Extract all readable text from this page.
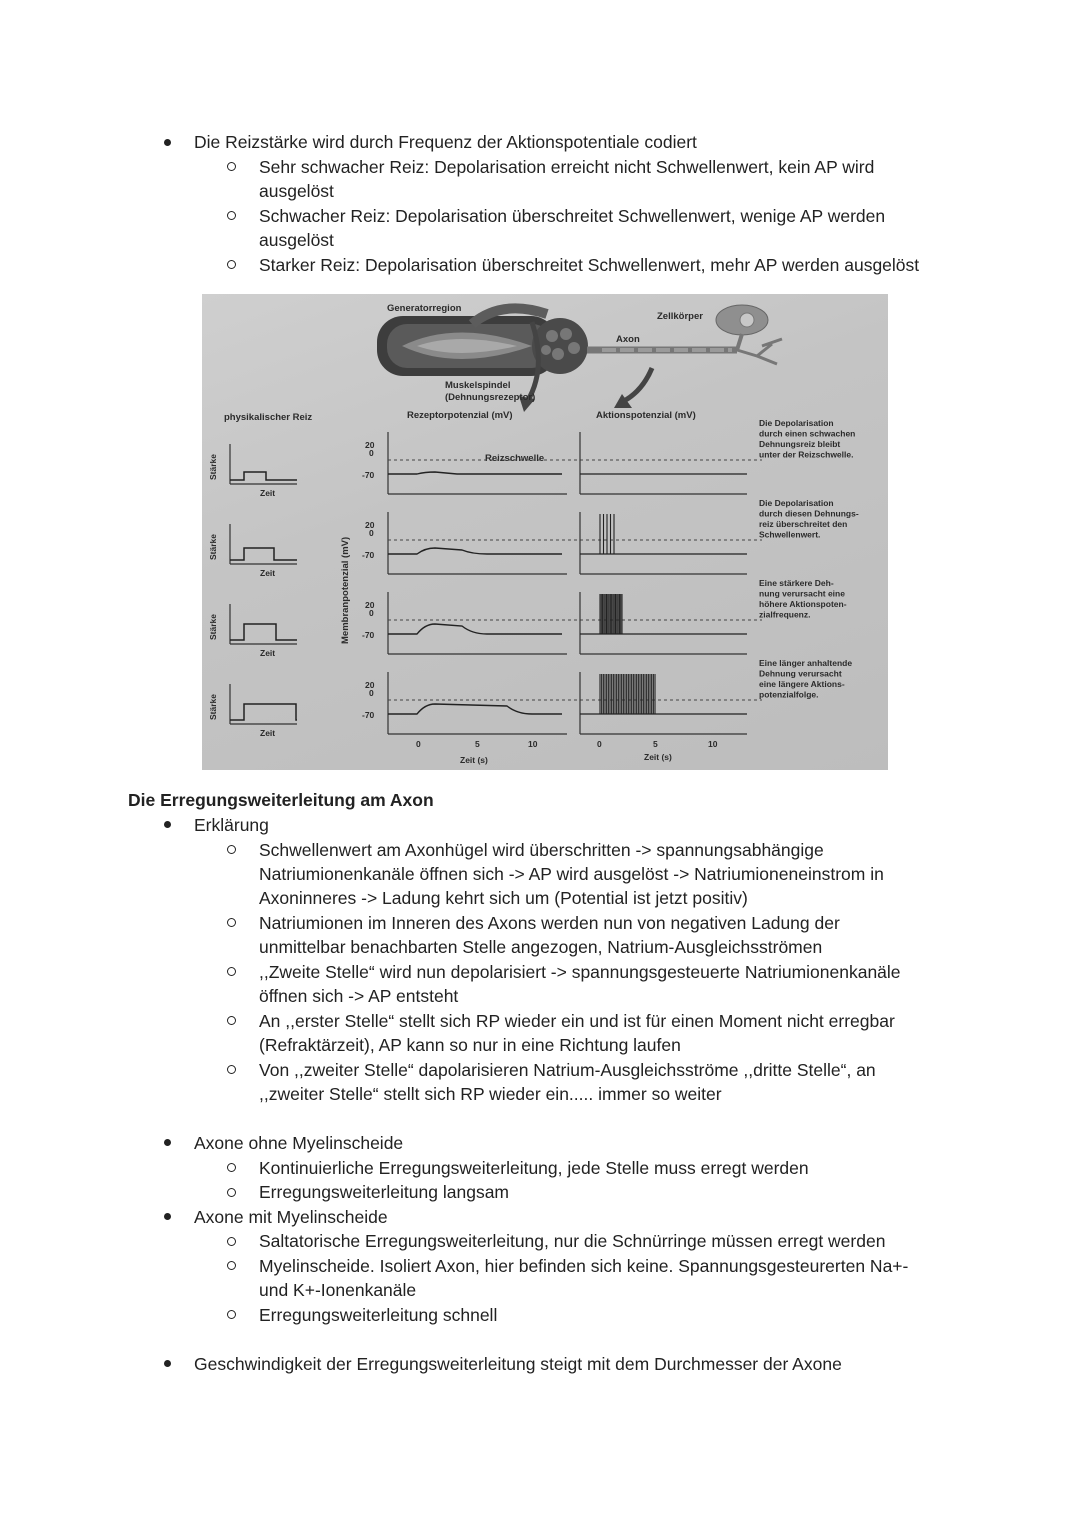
Die Reizstärke wird durch Frequenz der Aktionspotentiale codiert
Sehr schwacher Reiz: Depolarisation erreicht nicht Schwellenwert, kein AP wird
ausgelöst
Schwacher Reiz: Depolarisation überschreitet Schwellenwert, wenige AP werden
ausgelöst
Starker Reiz: Depolarisation überschreitet Schwellenwert, mehr AP werden ausgelöst
Generatorregion
Zellkörper
Axon
Muskelspindel
(Dehnungsrezeptor)
physikalischer Reiz	Rezeptorpotenzial (mV)	Aktionspotenzial (mV)
Reizschwelle
Membranpotenzial (mV)
Stärke
Zeit
20
0
-70
Die Depolarisation
durch einen schwachen
Dehnungsreiz bleibt
unter der Reizschwelle.
Stärke
Zeit
20
0
-70
Die Depolarisation
durch diesen Dehnungs-
reiz überschreitet den
Schwellenwert.
Stärke
Zeit
20
0
-70
Eine stärkere Deh-
nung verursacht eine
höhere Aktionspoten-
zialfrequenz.
Stärke
Zeit
20
0
-70
Eine länger anhaltende
Dehnung verursacht
eine längere Aktions-
potenzialfolge.
0	5	10
Zeit (s)
0	5	10
Zeit (s)
Die Erregungsweiterleitung am Axon
Erklärung
Schwellenwert am Axonhügel wird überschritten -> spannungsabhängige
Natriumionenkanäle öffnen sich -> AP wird ausgelöst -> Natriumioneneinstrom in
Axoninneres -> Ladung kehrt sich um (Potential ist jetzt positiv)
Natriumionen im Inneren des Axons werden nun von negativen Ladung der
unmittelbar benachbarten Stelle angezogen, Natrium-Ausgleichsströmen
,,Zweite Stelle“ wird nun depolarisiert -> spannungsgesteuerte Natriumionenkanäle
öffnen sich -> AP entsteht
An ,,erster Stelle“ stellt sich RP wieder ein und ist für einen Moment nicht erregbar
(Refraktärzeit), AP kann so nur in eine Richtung laufen
Von ,,zweiter Stelle“ dapolarisieren Natrium-Ausgleichsströme ,,dritte Stelle“, an
,,zweiter Stelle“ stellt sich RP wieder ein..... immer so weiter
Axone ohne Myelinscheide
Kontinuierliche Erregungsweiterleitung, jede Stelle muss erregt werden
Erregungsweiterleitung langsam
Axone mit Myelinscheide
Saltatorische Erregungsweiterleitung, nur die Schnürringe müssen erregt werden
Myelinscheide. Isoliert Axon, hier befinden sich keine. Spannungsgesteurerten Na+-
und K+-Ionenkanäle
Erregungsweiterleitung schnell
Geschwindigkeit der Erregungsweiterleitung steigt mit dem Durchmesser der Axone
